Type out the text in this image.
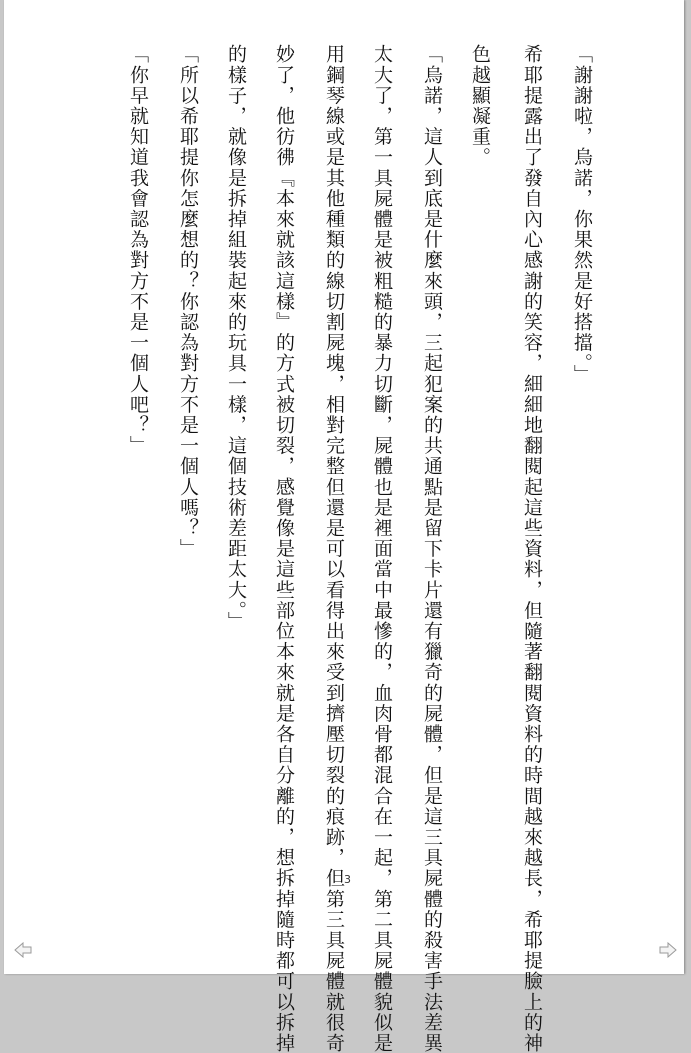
「謝謝啦，烏諾，你果然是好搭擋。」
希耶提露出了發自內心感謝的笑容，細細地翻閱起這些資料，但隨著翻閱資料的時間越來越長，希耶提臉上的神
色越顯凝重。
「烏諾，這人到底是什麼來頭，三起犯案的共通點是留下卡片還有獵奇的屍體，但是這三具屍體的殺害手法差異
太大了，第一具屍體是被粗糙的暴力切斷，屍體也是裡面當中最慘的，血肉骨都混合在一起，第二具屍體貌似是
用鋼琴線或是其他種類的線切割屍塊，相對完整但還是可以看得出來受到擠壓切裂的痕跡，但第三具屍體就很奇
妙了，他彷彿『本來就該這樣』的方式被切裂，感覺像是這些部位本來就是各自分離的，想拆掉隨時都可以拆掉
的樣子，就像是拆掉組裝起來的玩具一樣，這個技術差距太大。」
「所以希耶提你怎麼想的？你認為對方不是一個人嗎？」
「你早就知道我會認為對方不是一個人吧？」
3
